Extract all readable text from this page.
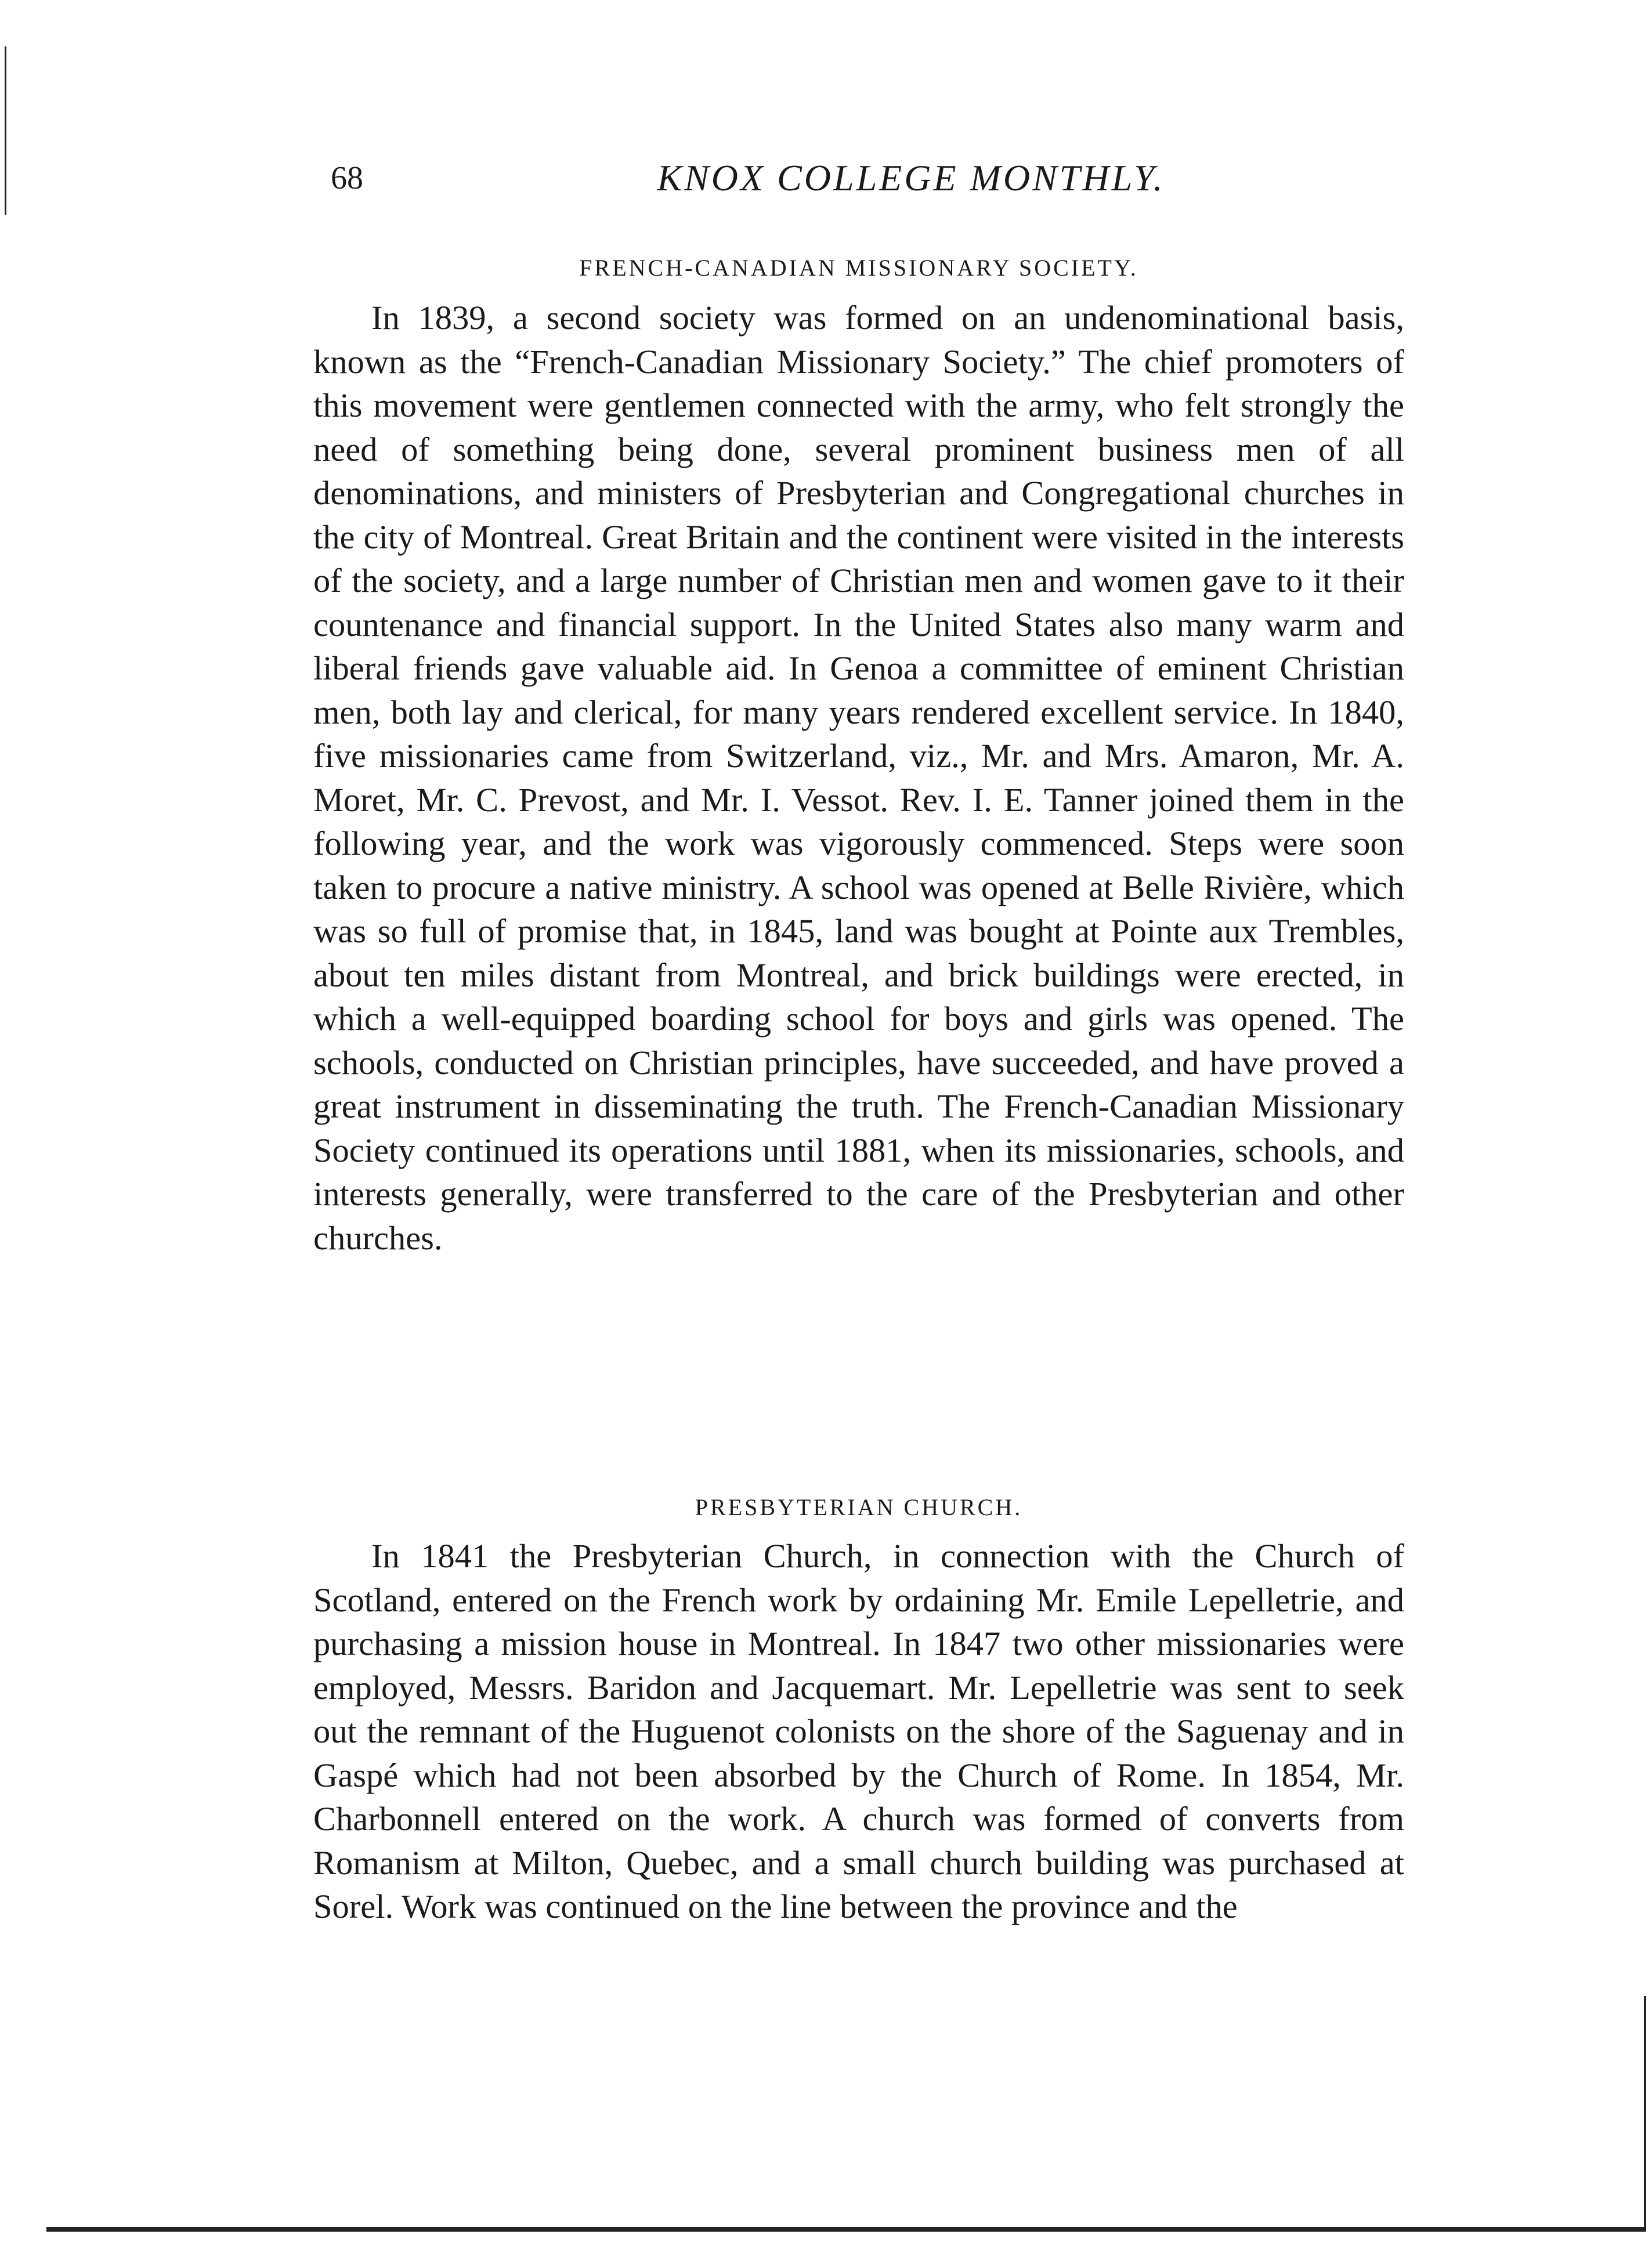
68	KNOX COLLEGE MONTHLY.
FRENCH-CANADIAN MISSIONARY SOCIETY.

In 1839, a second society was formed on an undenominational basis, known as the “French-Canadian Missionary Society.” The chief promoters of this movement were gentlemen connected with the army, who felt strongly the need of something being done, several prominent business men of all denominations, and ministers of Presbyterian and Congregational churches in the city of Montreal. Great Britain and the continent were visited in the interests of the society, and a large number of Christian men and women gave to it their countenance and financial support. In the United States also many warm and liberal friends gave valuable aid. In Genoa a committee of eminent Christian men, both lay and clerical, for many years rendered excellent service. In 1840, five missionaries came from Switzerland, viz., Mr. and Mrs. Amaron, Mr. A. Moret, Mr. C. Prevost, and Mr. I. Vessot. Rev. I. E. Tanner joined them in the following year, and the work was vigorously commenced. Steps were soon taken to procure a native ministry. A school was opened at Belle Rivière, which was so full of promise that, in 1845, land was bought at Pointe aux Trembles, about ten miles distant from Montreal, and brick buildings were erected, in which a well-equipped boarding school for boys and girls was opened. The schools, conducted on Christian principles, have succeeded, and have proved a great instrument in disseminating the truth. The French-Canadian Missionary Society continued its operations until 1881, when its missionaries, schools, and interests generally, were transferred to the care of the Presbyterian and other churches.

PRESBYTERIAN CHURCH.

In 1841 the Presbyterian Church, in connection with the Church of Scotland, entered on the French work by ordaining Mr. Emile Lepelletrie, and purchasing a mission house in Montreal. In 1847 two other missionaries were employed, Messrs. Baridon and Jacquemart. Mr. Lepelletrie was sent to seek out the remnant of the Huguenot colonists on the shore of the Saguenay and in Gaspé which had not been absorbed by the Church of Rome. In 1854, Mr. Charbonnell entered on the work. A church was formed of converts from Romanism at Milton, Quebec, and a small church building was purchased at Sorel. Work was continued on the line between the province and the
